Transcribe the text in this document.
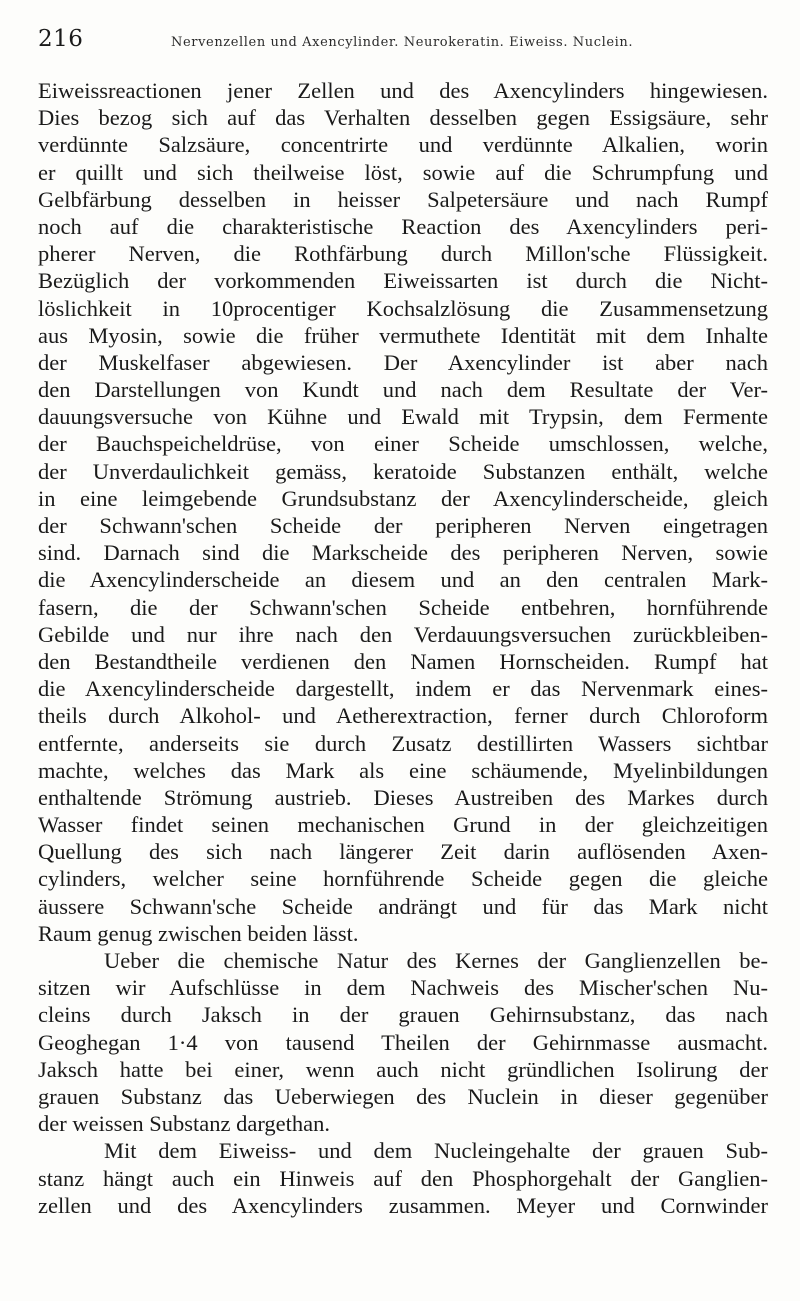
216	Nervenzellen und Axencylinder. Neurokeratin. Eiweiss. Nuclein.
Eiweissreactionen jener Zellen und des Axencylinders hingewiesen.
Dies bezog sich auf das Verhalten desselben gegen Essigsäure, sehr
verdünnte Salzsäure, concentrirte und verdünnte Alkalien, worin
er quillt und sich theilweise löst, sowie auf die Schrumpfung und
Gelbfärbung desselben in heisser Salpetersäure und nach Rumpf
noch auf die charakteristische Reaction des Axencylinders peri-
pherer Nerven, die Rothfärbung durch Millon'sche Flüssigkeit.
Bezüglich der vorkommenden Eiweissarten ist durch die Nicht-
löslichkeit in 10procentiger Kochsalzlösung die Zusammensetzung
aus Myosin, sowie die früher vermuthete Identität mit dem Inhalte
der Muskelfaser abgewiesen. Der Axencylinder ist aber nach
den Darstellungen von Kundt und nach dem Resultate der Ver-
dauungsversuche von Kühne und Ewald mit Trypsin, dem Fermente
der Bauchspeicheldrüse, von einer Scheide umschlossen, welche,
der Unverdaulichkeit gemäss, keratoide Substanzen enthält, welche
in eine leimgebende Grundsubstanz der Axencylinderscheide, gleich
der Schwann'schen Scheide der peripheren Nerven eingetragen
sind. Darnach sind die Markscheide des peripheren Nerven, sowie
die Axencylinderscheide an diesem und an den centralen Mark-
fasern, die der Schwann'schen Scheide entbehren, hornführende
Gebilde und nur ihre nach den Verdauungsversuchen zurückbleiben-
den Bestandtheile verdienen den Namen Hornscheiden. Rumpf hat
die Axencylinderscheide dargestellt, indem er das Nervenmark eines-
theils durch Alkohol- und Aetherextraction, ferner durch Chloroform
entfernte, anderseits sie durch Zusatz destillirten Wassers sichtbar
machte, welches das Mark als eine schäumende, Myelinbildungen
enthaltende Strömung austrieb. Dieses Austreiben des Markes durch
Wasser findet seinen mechanischen Grund in der gleichzeitigen
Quellung des sich nach längerer Zeit darin auflösenden Axen-
cylinders, welcher seine hornführende Scheide gegen die gleiche
äussere Schwann'sche Scheide andrängt und für das Mark nicht
Raum genug zwischen beiden lässt.
Ueber die chemische Natur des Kernes der Ganglienzellen be-
sitzen wir Aufschlüsse in dem Nachweis des Mischer'schen Nu-
cleins durch Jaksch in der grauen Gehirnsubstanz, das nach
Geoghegan 1·4 von tausend Theilen der Gehirnmasse ausmacht.
Jaksch hatte bei einer, wenn auch nicht gründlichen Isolirung der
grauen Substanz das Ueberwiegen des Nuclein in dieser gegenüber
der weissen Substanz dargethan.
Mit dem Eiweiss- und dem Nucleingehalte der grauen Sub-
stanz hängt auch ein Hinweis auf den Phosphorgehalt der Ganglien-
zellen und des Axencylinders zusammen. Meyer und Cornwinder
